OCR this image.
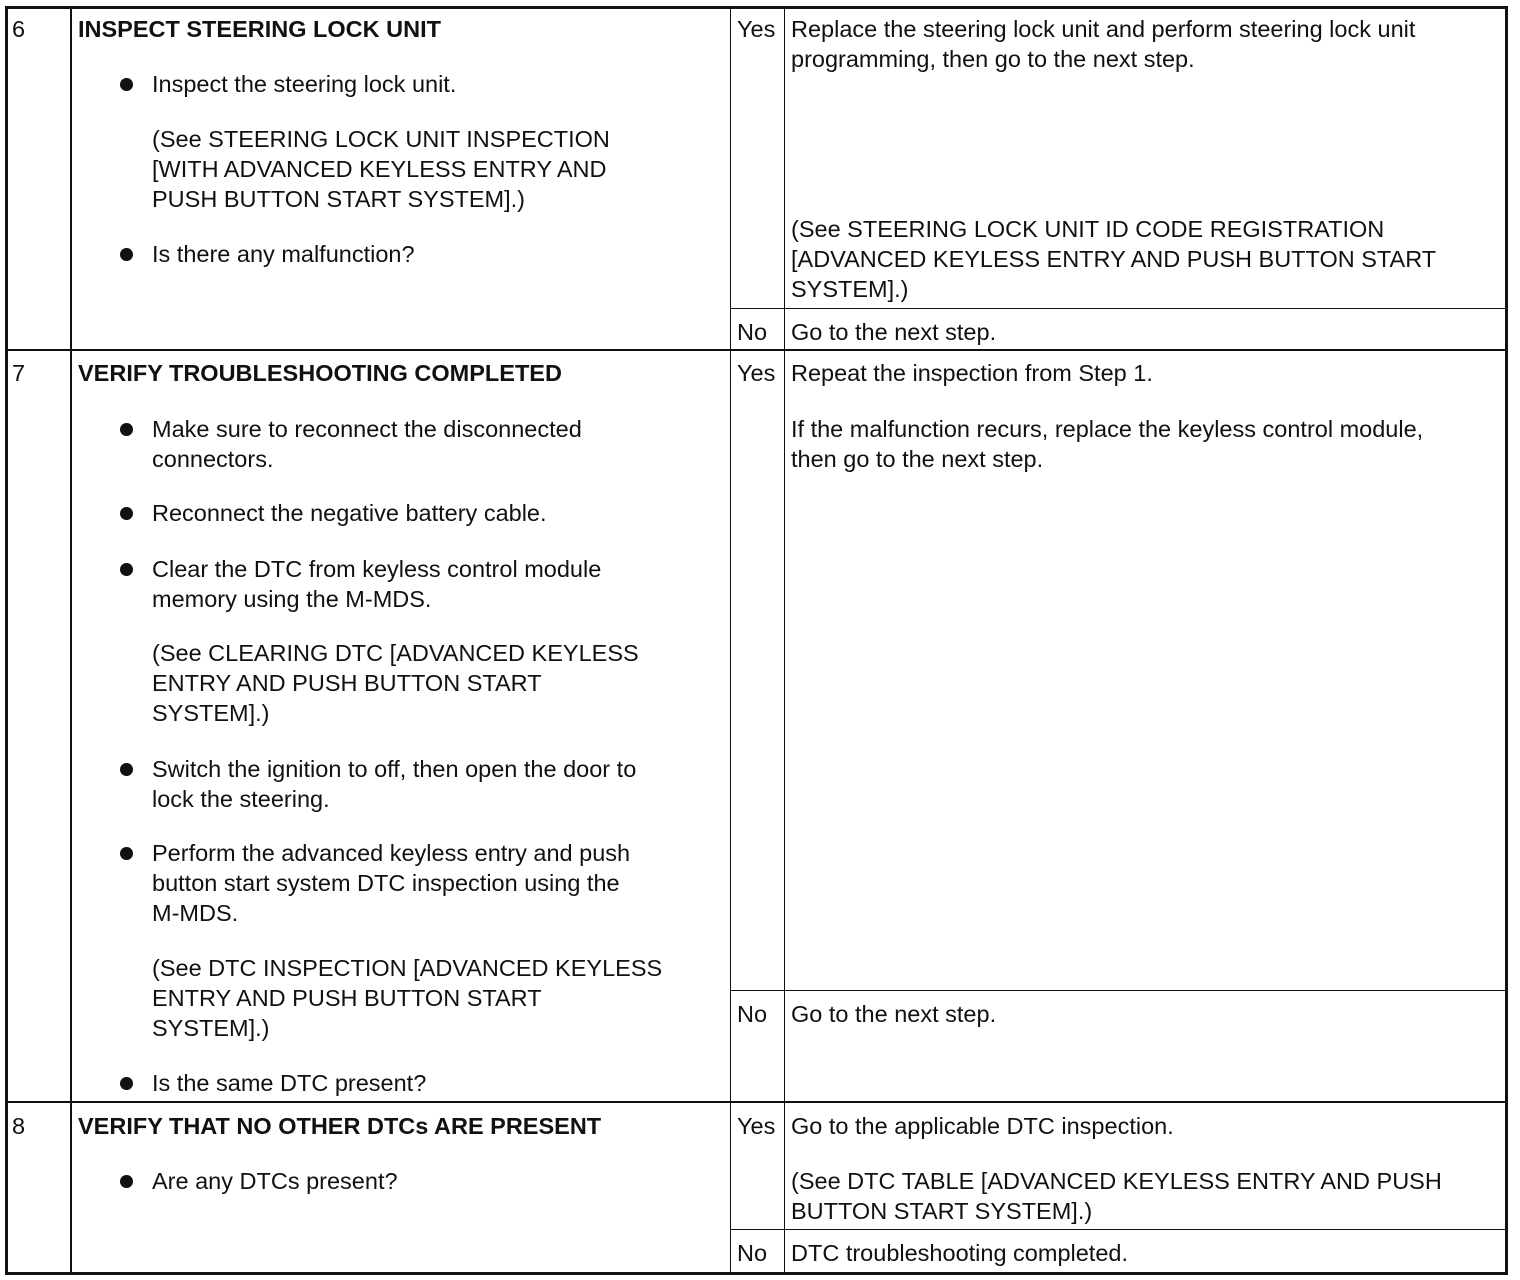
6 INSPECT STEERING LOCK UNIT
Inspect the steering lock unit.
(See STEERING LOCK UNIT INSPECTION
[WITH ADVANCED KEYLESS ENTRY AND
PUSH BUTTON START SYSTEM].)
Is there any malfunction?
Yes Replace the steering lock unit and perform steering lock unit
programming, then go to the next step.
(See STEERING LOCK UNIT ID CODE REGISTRATION
[ADVANCED KEYLESS ENTRY AND PUSH BUTTON START
SYSTEM].)
No Go to the next step.
7 VERIFY TROUBLESHOOTING COMPLETED
Make sure to reconnect the disconnected
connectors.
Reconnect the negative battery cable.
Clear the DTC from keyless control module
memory using the M-MDS.
(See CLEARING DTC [ADVANCED KEYLESS
ENTRY AND PUSH BUTTON START
SYSTEM].)
Switch the ignition to off, then open the door to
lock the steering.
Perform the advanced keyless entry and push
button start system DTC inspection using the
M-MDS.
(See DTC INSPECTION [ADVANCED KEYLESS
ENTRY AND PUSH BUTTON START
SYSTEM].)
Is the same DTC present?
Yes Repeat the inspection from Step 1.
If the malfunction recurs, replace the keyless control module,
then go to the next step.
No Go to the next step.
8 VERIFY THAT NO OTHER DTCs ARE PRESENT
Are any DTCs present?
Yes Go to the applicable DTC inspection.
(See DTC TABLE [ADVANCED KEYLESS ENTRY AND PUSH
BUTTON START SYSTEM].)
No DTC troubleshooting completed.
